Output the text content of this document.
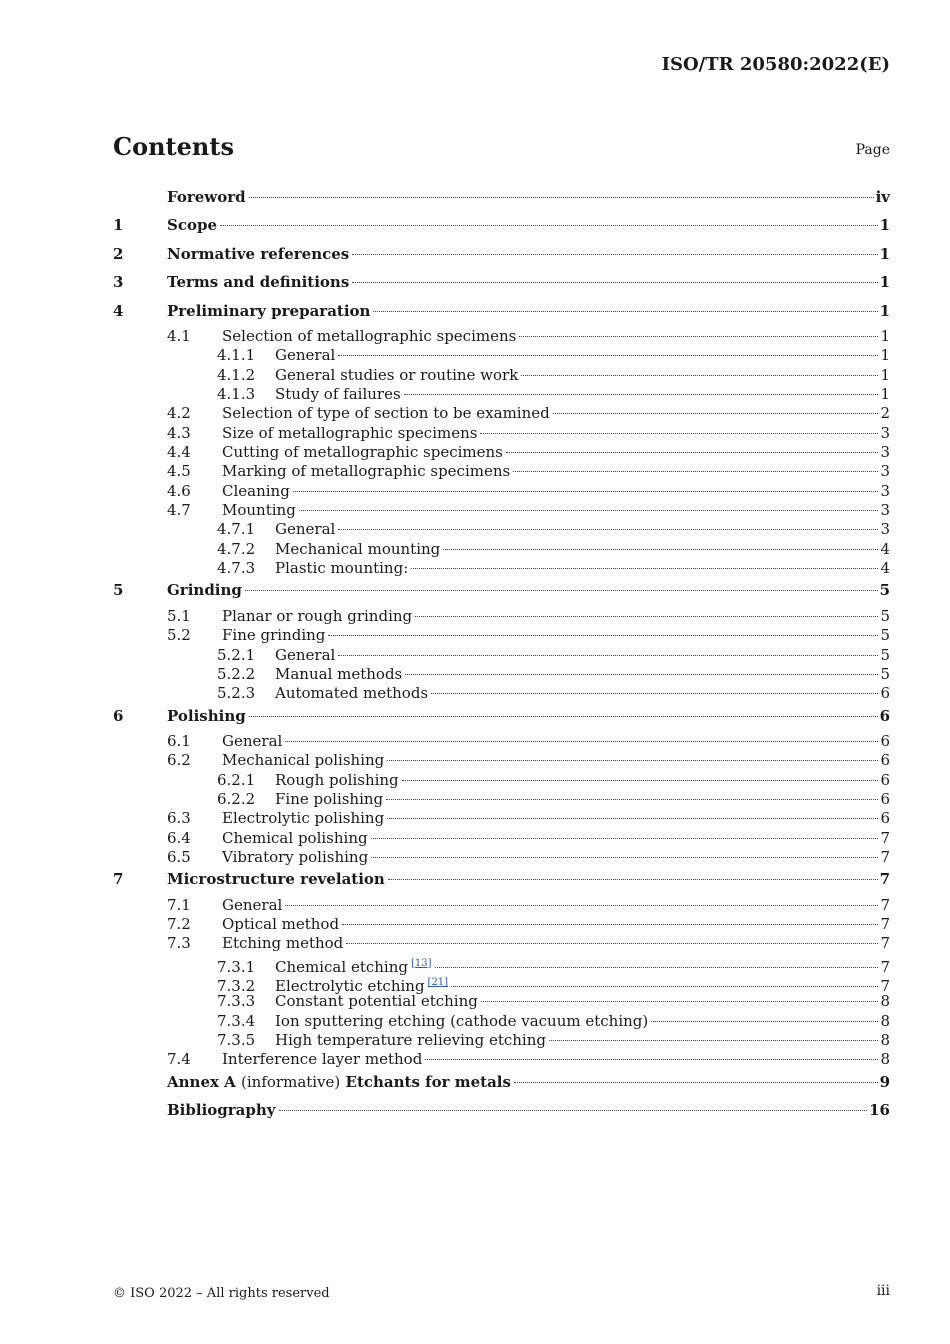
ISO/TR 20580:2022(E)
Contents	Page
Foreword	iv
1	Scope	1
2	Normative references	1
3	Terms and definitions	1
4	Preliminary preparation	1
4.1	Selection of metallographic specimens	1
4.1.1	General	1
4.1.2	General studies or routine work	1
4.1.3	Study of failures	1
4.2	Selection of type of section to be examined	2
4.3	Size of metallographic specimens	3
4.4	Cutting of metallographic specimens	3
4.5	Marking of metallographic specimens	3
4.6	Cleaning	3
4.7	Mounting	3
4.7.1	General	3
4.7.2	Mechanical mounting	4
4.7.3	Plastic mounting:	4
5	Grinding	5
5.1	Planar or rough grinding	5
5.2	Fine grinding	5
5.2.1	General	5
5.2.2	Manual methods	5
5.2.3	Automated methods	6
6	Polishing	6
6.1	General	6
6.2	Mechanical polishing	6
6.2.1	Rough polishing	6
6.2.2	Fine polishing	6
6.3	Electrolytic polishing	6
6.4	Chemical polishing	7
6.5	Vibratory polishing	7
7	Microstructure revelation	7
7.1	General	7
7.2	Optical method	7
7.3	Etching method	7
7.3.1	Chemical etching [13]	7
7.3.2	Electrolytic etching [21]	7
7.3.3	Constant potential etching	8
7.3.4	Ion sputtering etching (cathode vacuum etching)	8
7.3.5	High temperature relieving etching	8
7.4	Interference layer method	8
Annex A (informative) Etchants for metals	9
Bibliography	16
© ISO 2022 – All rights reserved	iii
